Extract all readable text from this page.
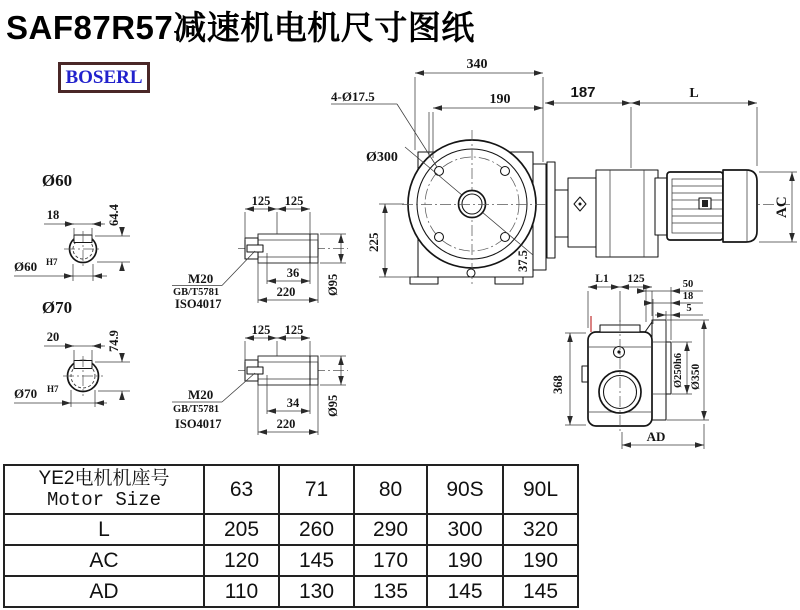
SAF87R57减速机电机尺寸图纸
BOSERL
Ø60
18	64.4
Ø60 H7
Ø70
20	74.9
Ø70 H7
125 125
36
220 Ø95
M20
GB/T5781
ISO4017
125 125
34
220
Ø95
M20
GB/T5781
ISO4017
340
190
4-Ø17.5
Ø300
225
37.5
187	L
AC
L1 125	50
18
5
368	Ø250h6 Ø350
AD
YE2电机机座号
Motor Size	63	71	80	90S	90L
L	205	260	290	300	320
AC	120	145	170	190	190
AD	110	130	135	145	145
